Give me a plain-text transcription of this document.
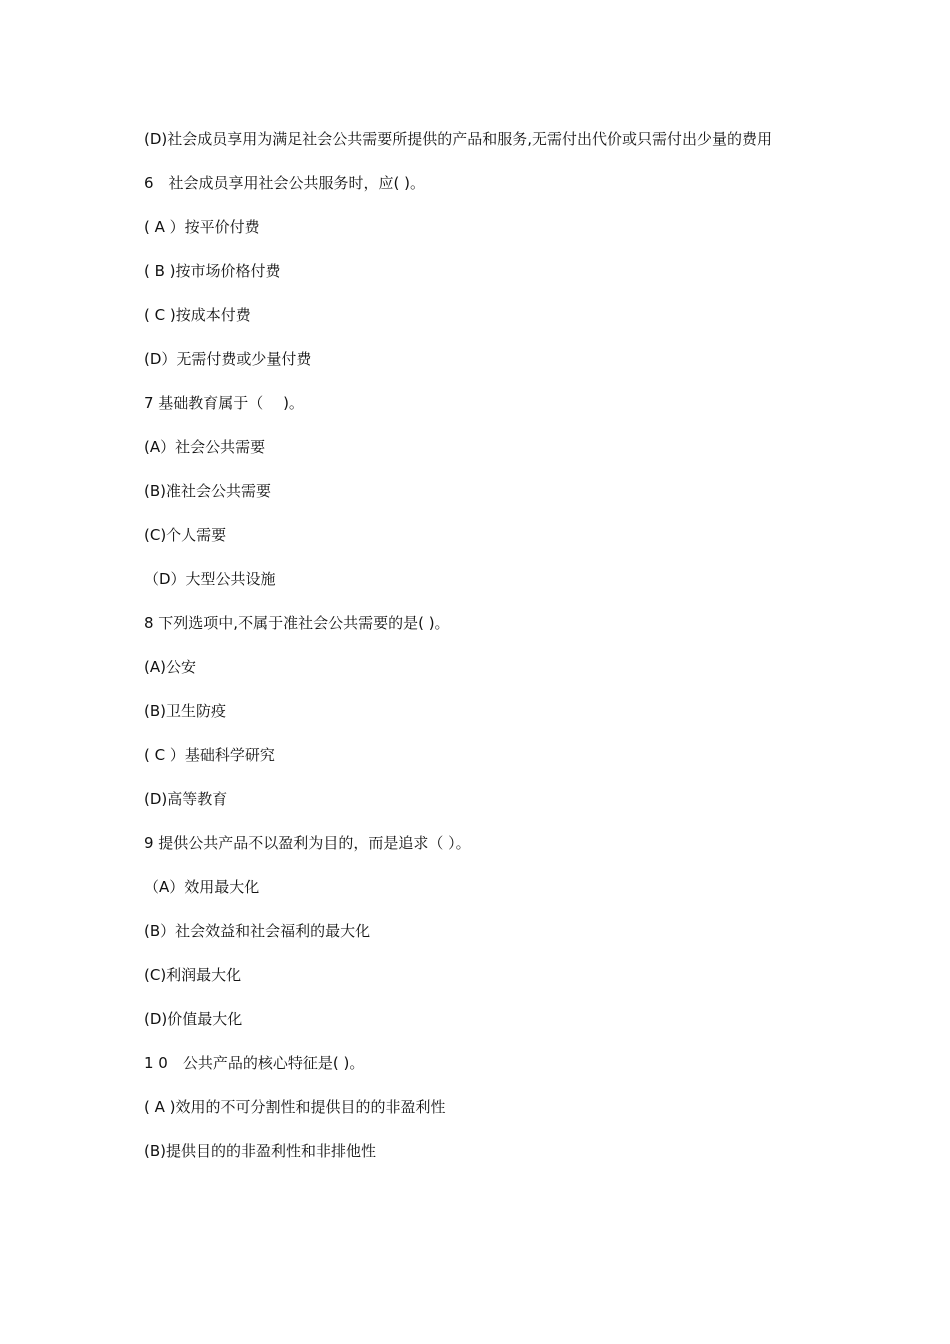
(D)社会成员享用为满足社会公共需要所提供的产品和服务,无需付出代价或只需付出少量的费用
6　社会成员享用社会公共服务时，应( )。
( A ）按平价付费
( B )按市场价格付费
( C )按成本付费
(D）无需付费或少量付费
7 基础教育属于（　 )。
(A）社会公共需要
(B)准社会公共需要
(C)个人需要
（D）大型公共设施
8 下列选项中,不属于准社会公共需要的是( )。
(A)公安
(B)卫生防疫
( C ）基础科学研究
(D)高等教育
9 提供公共产品不以盈利为目的，而是追求（ ）。
（A）效用最大化
(B）社会效益和社会福利的最大化
(C)利润最大化
(D)价值最大化
1 0　公共产品的核心特征是( )。
( A )效用的不可分割性和提供目的的非盈利性
(B)提供目的的非盈利性和非排他性
